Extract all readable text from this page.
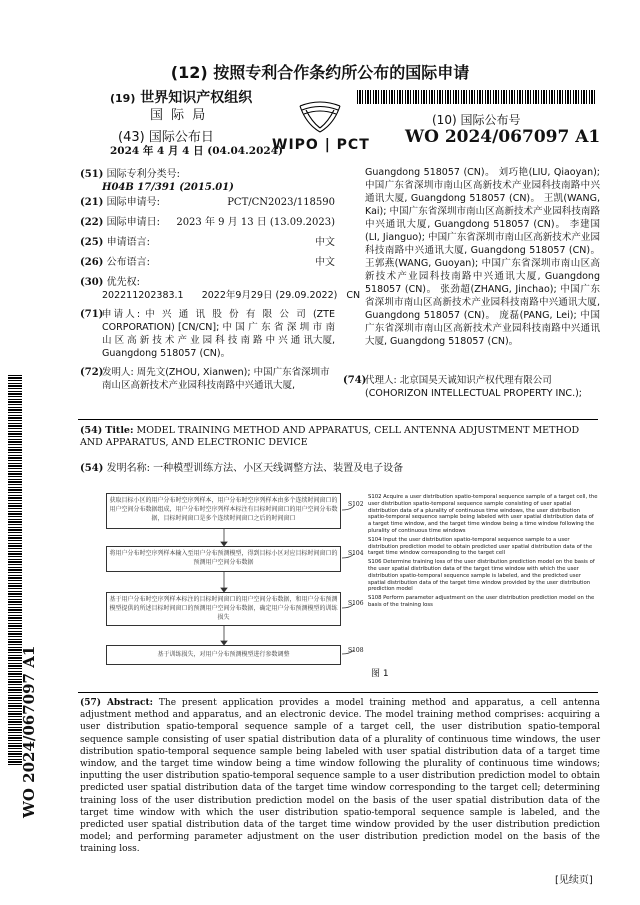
(12) 按照专利合作条约所公布的国际申请
(19) 世界知识产权组织
国 际 局
(43) 国际公布日
2024 年 4 月 4 日 (04.04.2024)
WIPO | PCT
(10) 国际公布号
WO 2024/067097 A1
WO 2024/067097 A1
(51) 国际专利分类号:
H04B 17/391 (2015.01)
(21) 国际申请号:	PCT/CN2023/118590
(22) 国际申请日: 2023 年 9 月 13 日 (13.09.2023)
(25) 申请语言:	中文
(26) 公布语言:	中文
(30) 优先权:
202211202383.1      2022年9月29日 (29.09.2022)   CN
(71)
申请人: 中 兴 通 讯 股 份 有 限 公 司 (ZTE CORPORATION) [CN/CN]; 中 国 广 东 省 深 圳 市 南 山 区 高 新 技 术 产 业 园 科 技 南 路 中 兴 通 讯大厦, Guangdong 518057 (CN)。
(72)
发明人: 周先文(ZHOU, Xianwen); 中国广东省深圳市南山区高新技术产业园科技南路中兴通讯大厦,
Guangdong 518057 (CN)。 刘巧艳(LIU, Qiaoyan); 中国广东省深圳市南山区高新技术产业园科技南路中兴通讯大厦, Guangdong 518057 (CN)。 王凯(WANG, Kai); 中国广东省深圳市南山区高新技术产业园科技南路中兴通讯大厦, Guangdong 518057 (CN)。 李建国(LI, Jianguo); 中国广东省深圳市南山区高新技术产业园科技南路中兴通讯大厦, Guangdong 518057 (CN)。 王郭燕(WANG, Guoyan); 中国广东省深圳市南山区高新技术产业园科技南路中兴通讯大厦, Guangdong 518057 (CN)。 张劲超(ZHANG, Jinchao); 中国广东省深圳市南山区高新技术产业园科技南路中兴通讯大厦, Guangdong 518057 (CN)。 庞磊(PANG, Lei); 中国广东省深圳市南山区高新技术产业园科技南路中兴通讯大厦, Guangdong 518057 (CN)。
(74)
代理人: 北京国昊天诚知识产权代理有限公司 (COHORIZON INTELLECTUAL PROPERTY INC.);
(54) Title: MODEL TRAINING METHOD AND APPARATUS, CELL ANTENNA ADJUSTMENT METHOD AND APPARATUS, AND ELECTRONIC DEVICE
(54) 发明名称: 一种模型训练方法、小区天线调整方法、装置及电子设备
获取目标小区的用户分布时空序列样本，用户分布时空序列样本由多个连续时间窗口的用户空间分布数据组成，用户分布时空序列样本标注有目标时间窗口的用户空间分布数据，目标时间窗口是多个连续时间窗口之后的时间窗口
将用户分布时空序列样本输入至用户分布预测模型，得到目标小区对应目标时间窗口的预测用户空间分布数据
基于用户分布时空序列样本标注的目标时间窗口的用户空间分布数据，和用户分布预测模型提供的所述目标时间窗口的预测用户空间分布数据，确定用户分布预测模型的训练损失
基于训练损失，对用户分布预测模型进行参数调整
S102
S104
S106
S108
图 1
S102 Acquire a user distribution spatio-temporal sequence sample of a target cell, the user distribution spatio-temporal sequence sample consisting of user spatial distribution data of a plurality of continuous time windows, the user distribution spatio-temporal sequence sample being labeled with user spatial distribution data of a target time window, and the target time window being a time window following the plurality of continuous time windows
S104 Input the user distribution spatio-temporal sequence sample to a user distribution prediction model to obtain predicted user spatial distribution data of the target time window corresponding to the target cell
S106 Determine training loss of the user distribution prediction model on the basis of the user spatial distribution data of the target time window with which the user distribution spatio-temporal sequence sample is labeled, and the predicted user spatial distribution data of the target time window provided by the user distribution prediction model
S108 Perform parameter adjustment on the user distribution prediction model on the basis of the training loss
(57) Abstract: The present application provides a model training method and apparatus, a cell antenna adjustment method and apparatus, and an electronic device. The model training method comprises: acquiring a user distribution spatio-temporal sequence sample of a target cell, the user distribution spatio-temporal sequence sample consisting of user spatial distribution data of a plurality of continuous time windows, the user distribution spatio-temporal sequence sample being labeled with user spatial distribution data of a target time window, and the target time window being a time window following the plurality of continuous time windows; inputting the user distribution spatio-temporal sequence sample to a user distribution prediction model to obtain predicted user spatial distribution data of the target time window corresponding to the target cell; determining training loss of the user distribution prediction model on the basis of the user spatial distribution data of the target time window with which the user distribution spatio-temporal sequence sample is labeled, and the predicted user spatial distribution data of the target time window provided by the user distribution prediction model; and performing parameter adjustment on the user distribution prediction model on the basis of the training loss.
[见续页]
